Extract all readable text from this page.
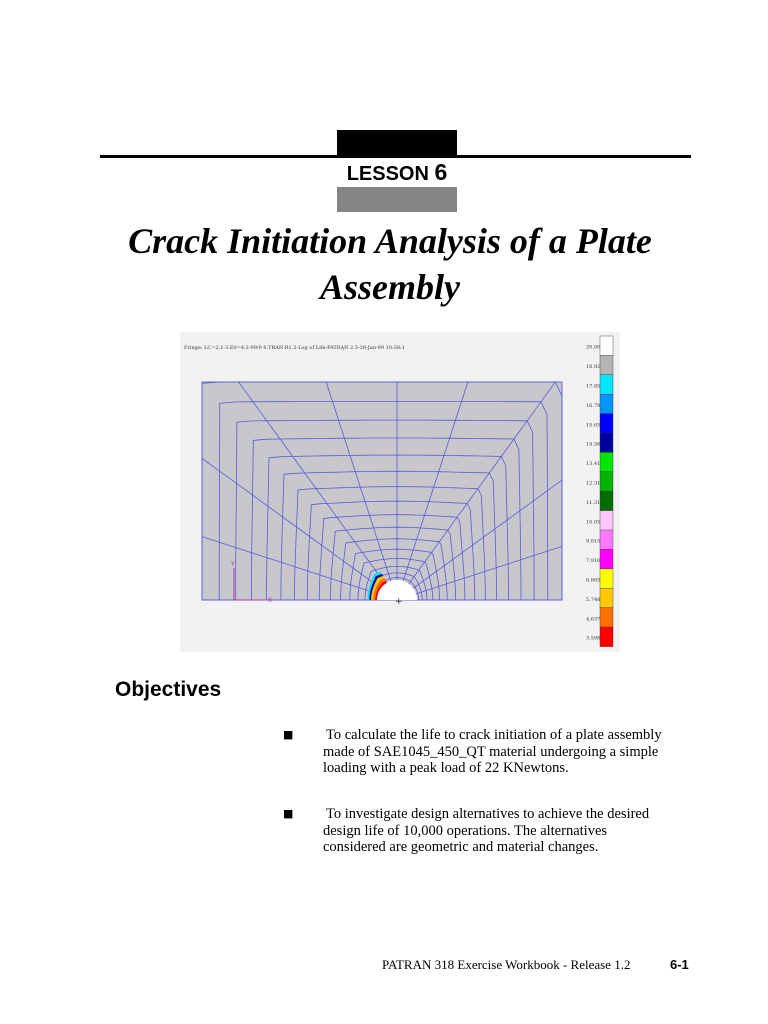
LESSON 6
Crack Initiation Analysis of a Plate Assembly
Fringe: LC=2.1-3.E0=4.2-99/9 6.TRAN R1.2-Log of Life-PATRAN 2.5-28-Jan-99 10:38:1
Y
X	+
20.00
18.92
17.85
16.79
15.65
14.56
13.41
12.31
11.31
10.05
9.815
7.916
6.805
5.748
4.637
3.598
Objectives
■ To calculate the life to crack initiation of a plate assembly made of SAE1045_450_QT material undergoing a simple loading with a peak load of 22 KNewtons.
■ To investigate design alternatives to achieve the desired design life of 10,000 operations. The alternatives considered are geometric and material changes.
PATRAN 318 Exercise Workbook - Release 1.2	6-1
